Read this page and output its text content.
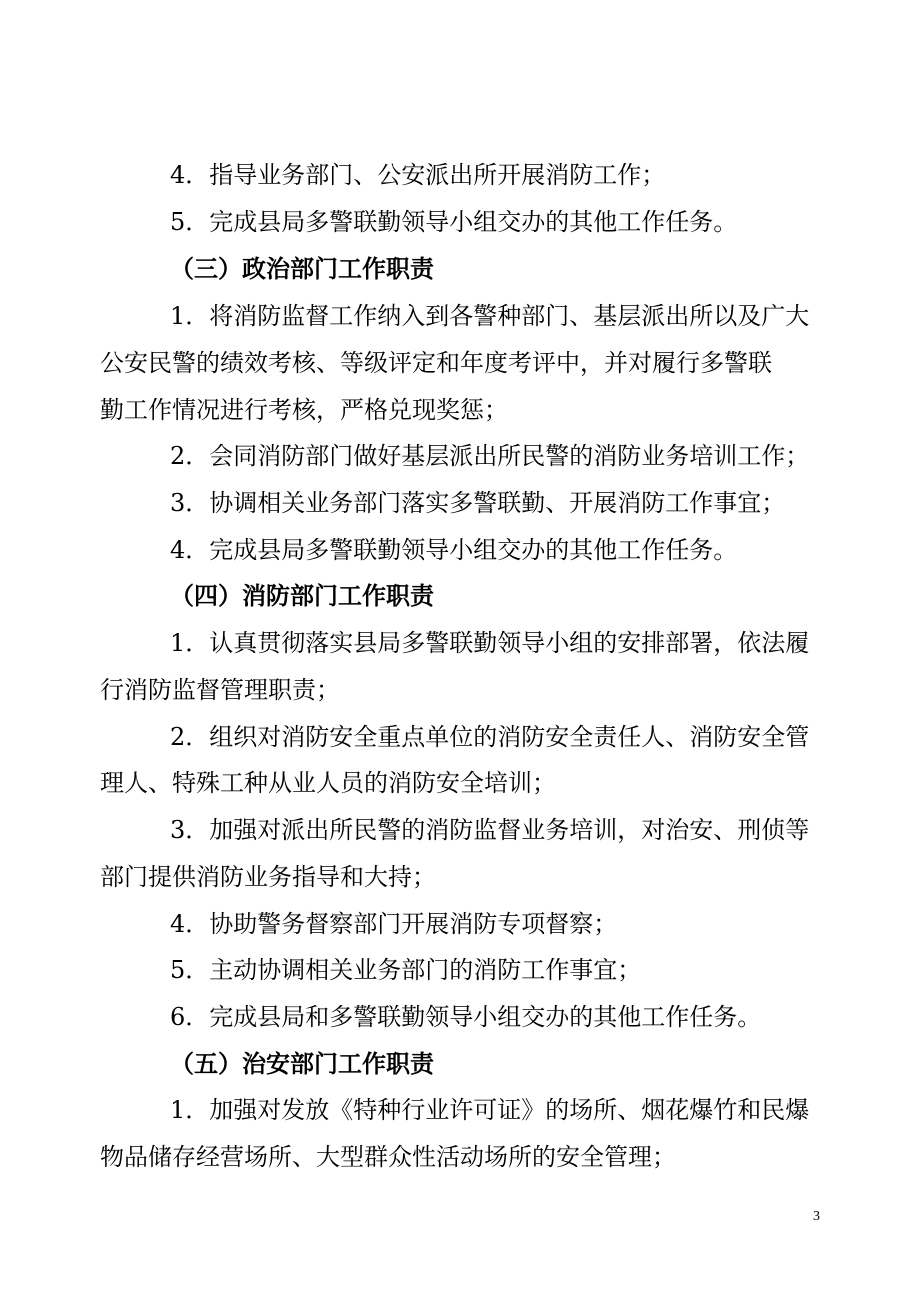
4．指导业务部门、公安派出所开展消防工作；
5．完成县局多警联勤领导小组交办的其他工作任务。
（三）政治部门工作职责
1．将消防监督工作纳入到各警种部门、基层派出所以及广大
公安民警的绩效考核、等级评定和年度考评中，并对履行多警联
勤工作情况进行考核，严格兑现奖惩；
2．会同消防部门做好基层派出所民警的消防业务培训工作；
3．协调相关业务部门落实多警联勤、开展消防工作事宜；
4．完成县局多警联勤领导小组交办的其他工作任务。
（四）消防部门工作职责
1．认真贯彻落实县局多警联勤领导小组的安排部署，依法履
行消防监督管理职责；
2．组织对消防安全重点单位的消防安全责任人、消防安全管
理人、特殊工种从业人员的消防安全培训；
3．加强对派出所民警的消防监督业务培训，对治安、刑侦等
部门提供消防业务指导和大持；
4．协助警务督察部门开展消防专项督察；
5．主动协调相关业务部门的消防工作事宜；
6．完成县局和多警联勤领导小组交办的其他工作任务。
（五）治安部门工作职责
1．加强对发放《特种行业许可证》的场所、烟花爆竹和民爆
物品储存经营场所、大型群众性活动场所的安全管理；
3
